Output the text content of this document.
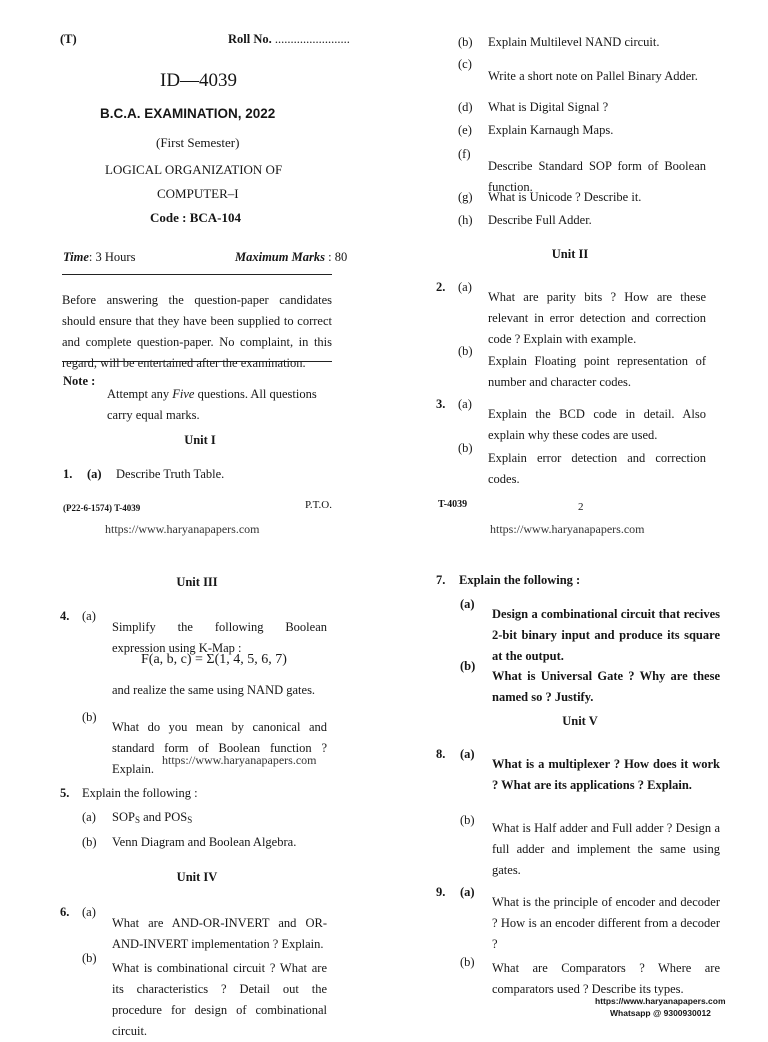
(T)	Roll No. ........................

ID—4039

B.C.A. EXAMINATION, 2022

(First Semester)

LOGICAL ORGANIZATION OF

COMPUTER–I

Code : BCA-104

Time: 3 Hours	Maximum Marks : 80

Before answering the question-paper candidates should ensure that they have been supplied to correct and complete question-paper. No complaint, in this regard, will be entertained after the examination.

Note :

Attempt any Five questions. All questions carry equal marks.

Unit I

1. (a) Describe Truth Table.

(P22-6-1574) T-4039	P.T.O.

https://www.haryanapapers.com

(b) Explain Multilevel NAND circuit.

(c)

Write a short note on Pallel Binary Adder.

(d) What is Digital Signal ?

(e) Explain Karnaugh Maps.

(f)

Describe Standard SOP form of Boolean function.

(g) What is Unicode ? Describe it.

(h) Describe Full Adder.

Unit II

2. (a)

What are parity bits ? How are these relevant in error detection and correction code ? Explain with example.

(b)

Explain Floating point representation of number and character codes.

3. (a)

Explain the BCD code in detail. Also explain why these codes are used.

(b)

Explain error detection and correction codes.

T-4039	2

https://www.haryanapapers.com

Unit III

4. (a)

Simplify the following Boolean expression using K-Map :

F(a, b, c) = Σ(1, 4, 5, 6, 7)

and realize the same using NAND gates.

(b)

What do you mean by canonical and standard form of Boolean function ? Explain.

https://www.haryanapapers.com

5. Explain the following :

(a) $SOP_S$ and $POS_S$

(b) Venn Diagram and Boolean Algebra.

Unit IV

6. (a)

What are AND-OR-INVERT and OR-AND-INVERT implementation ? Explain.

(b)

What is combinational circuit ? What are its characteristics ? Detail out the procedure for design of combinational circuit.

7. Explain the following :

(a)

Design a combinational circuit that recives 2-bit binary input and produce its square at the output.

(b)

What is Universal Gate ? Why are these named so ? Justify.

Unit V

8. (a)

What is a multiplexer ? How does it work ? What are its applications ? Explain.

(b)

What is Half adder and Full adder ? Design a full adder and implement the same using gates.

9. (a)

What is the principle of encoder and decoder ? How is an encoder different from a decoder ?

(b) What are Comparators ? Where are comparators used ? Describe its types.

https://www.haryanapapers.com

Whatsapp @ 9300930012
